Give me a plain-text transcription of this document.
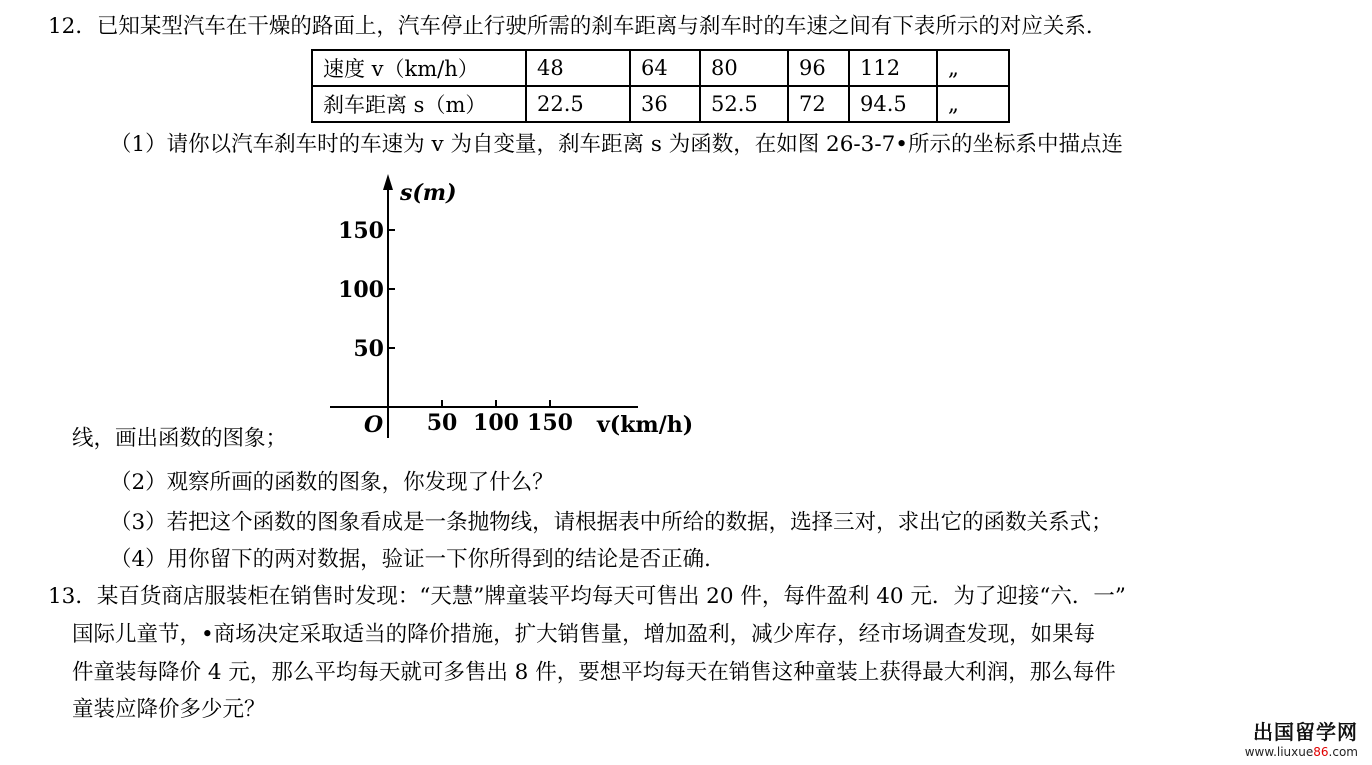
12．已知某型汽车在干燥的路面上，汽车停止行驶所需的刹车距离与刹车时的车速之间有下表所示的对应关系．
速度 v（km/h）	48	64	80	96	112	„
刹车距离 s（m）	22.5	36	52.5	72	94.5	„
（1）请你以汽车刹车时的车速为 v 为自变量，刹车距离 s 为函数，在如图 26-3-7•所示的坐标系中描点连
s(m)
v(km/h)
O
50
100
150
50 100 150
线，画出函数的图象；
（2）观察所画的函数的图象，你发现了什么？
（3）若把这个函数的图象看成是一条抛物线，请根据表中所给的数据，选择三对，求出它的函数关系式；
（4）用你留下的两对数据，验证一下你所得到的结论是否正确．
13．某百货商店服装柜在销售时发现：“天慧”牌童装平均每天可售出 20 件，每件盈利 40 元．为了迎接“六．一”
国际儿童节，•商场决定采取适当的降价措施，扩大销售量，增加盈利，减少库存，经市场调查发现，如果每
件童装每降价 4 元，那么平均每天就可多售出 8 件，要想平均每天在销售这种童装上获得最大利润，那么每件
童装应降价多少元？
出国留学网
www.liuxue86.com
